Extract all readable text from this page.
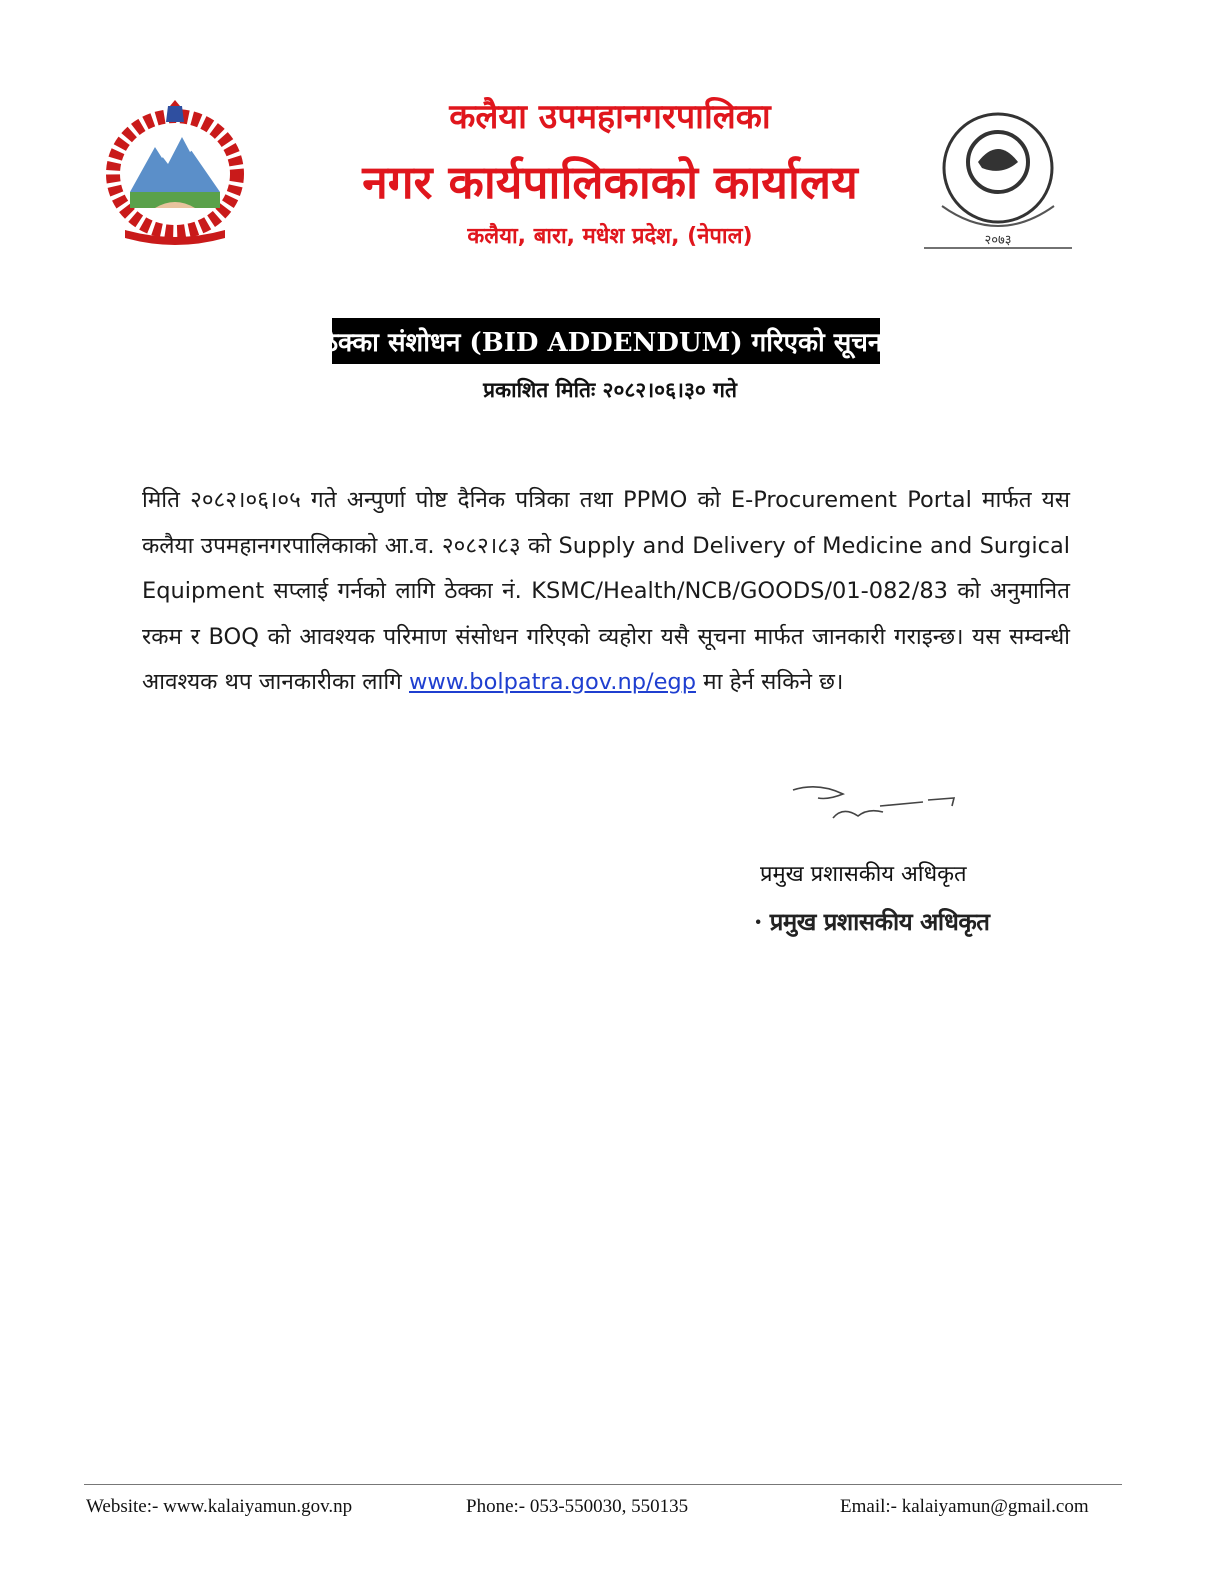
२०७३
कलैया उपमहानगरपालिका
नगर कार्यपालिकाको कार्यालय
कलैया, बारा, मधेश प्रदेश, (नेपाल)
ठेक्का संशोधन (BID ADDENDUM) गरिएको सूचना
प्रकाशित मितिः २०८२।०६।३० गते
मिति २०८२।०६।०५ गते अन्पुर्णा पोष्ट दैनिक पत्रिका तथा PPMO को E-Procurement Portal मार्फत यस कलैया उपमहानगरपालिकाको आ.व. २०८२।८३ को Supply and Delivery of Medicine and Surgical Equipment सप्लाई गर्नको लागि ठेक्का नं. KSMC/Health/NCB/GOODS/01-082/83 को अनुमानित रकम र BOQ को आवश्यक परिमाण संसोधन गरिएको व्यहोरा यसै सूचना मार्फत जानकारी गराइन्छ। यस सम्वन्धी आवश्यक थप जानकारीका लागि www.bolpatra.gov.np/egp मा हेर्न सकिने छ।
प्रमुख प्रशासकीय अधिकृत
· प्रमुख प्रशासकीय अधिकृत
Website:- www.kalaiyamun.gov.np	Phone:- 053-550030, 550135	Email:- kalaiyamun@gmail.com
